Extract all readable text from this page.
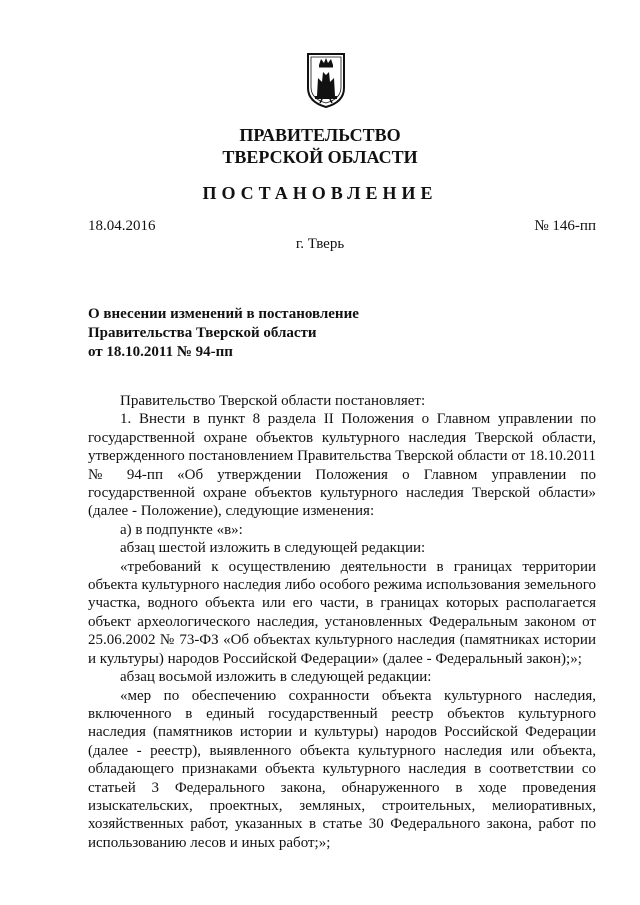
ПРАВИТЕЛЬСТВО
ТВЕРСКОЙ ОБЛАСТИ
ПОСТАНОВЛЕНИЕ
18.04.2016	№ 146-пп
г. Тверь
О внесении изменений в постановление
Правительства Тверской области
от 18.10.2011 № 94-пп

Правительство Тверской области постановляет:

1. Внести в пункт 8 раздела II Положения о Главном управлении по государственной охране объектов культурного наследия Тверской области, утвержденного постановлением Правительства Тверской области от 18.10.2011 № 94-пп «Об утверждении Положения о Главном управлении по государственной охране объектов культурного наследия Тверской области» (далее - Положение), следующие изменения:

а) в подпункте «в»:

абзац шестой изложить в следующей редакции:

«требований к осуществлению деятельности в границах территории объекта культурного наследия либо особого режима использования земельного участка, водного объекта или его части, в границах которых располагается объект археологического наследия, установленных Федеральным законом от 25.06.2002 № 73-ФЗ «Об объектах культурного наследия (памятниках истории и культуры) народов Российской Федерации» (далее - Федеральный закон);»;

абзац восьмой изложить в следующей редакции:

«мер по обеспечению сохранности объекта культурного наследия, включенного в единый государственный реестр объектов культурного наследия (памятников истории и культуры) народов Российской Федерации (далее - реестр), выявленного объекта культурного наследия или объекта, обладающего признаками объекта культурного наследия в соответствии со статьей 3 Федерального закона, обнаруженного в ходе проведения изыскательских, проектных, земляных, строительных, мелиоративных, хозяйственных работ, указанных в статье 30 Федерального закона, работ по использованию лесов и иных работ;»;
